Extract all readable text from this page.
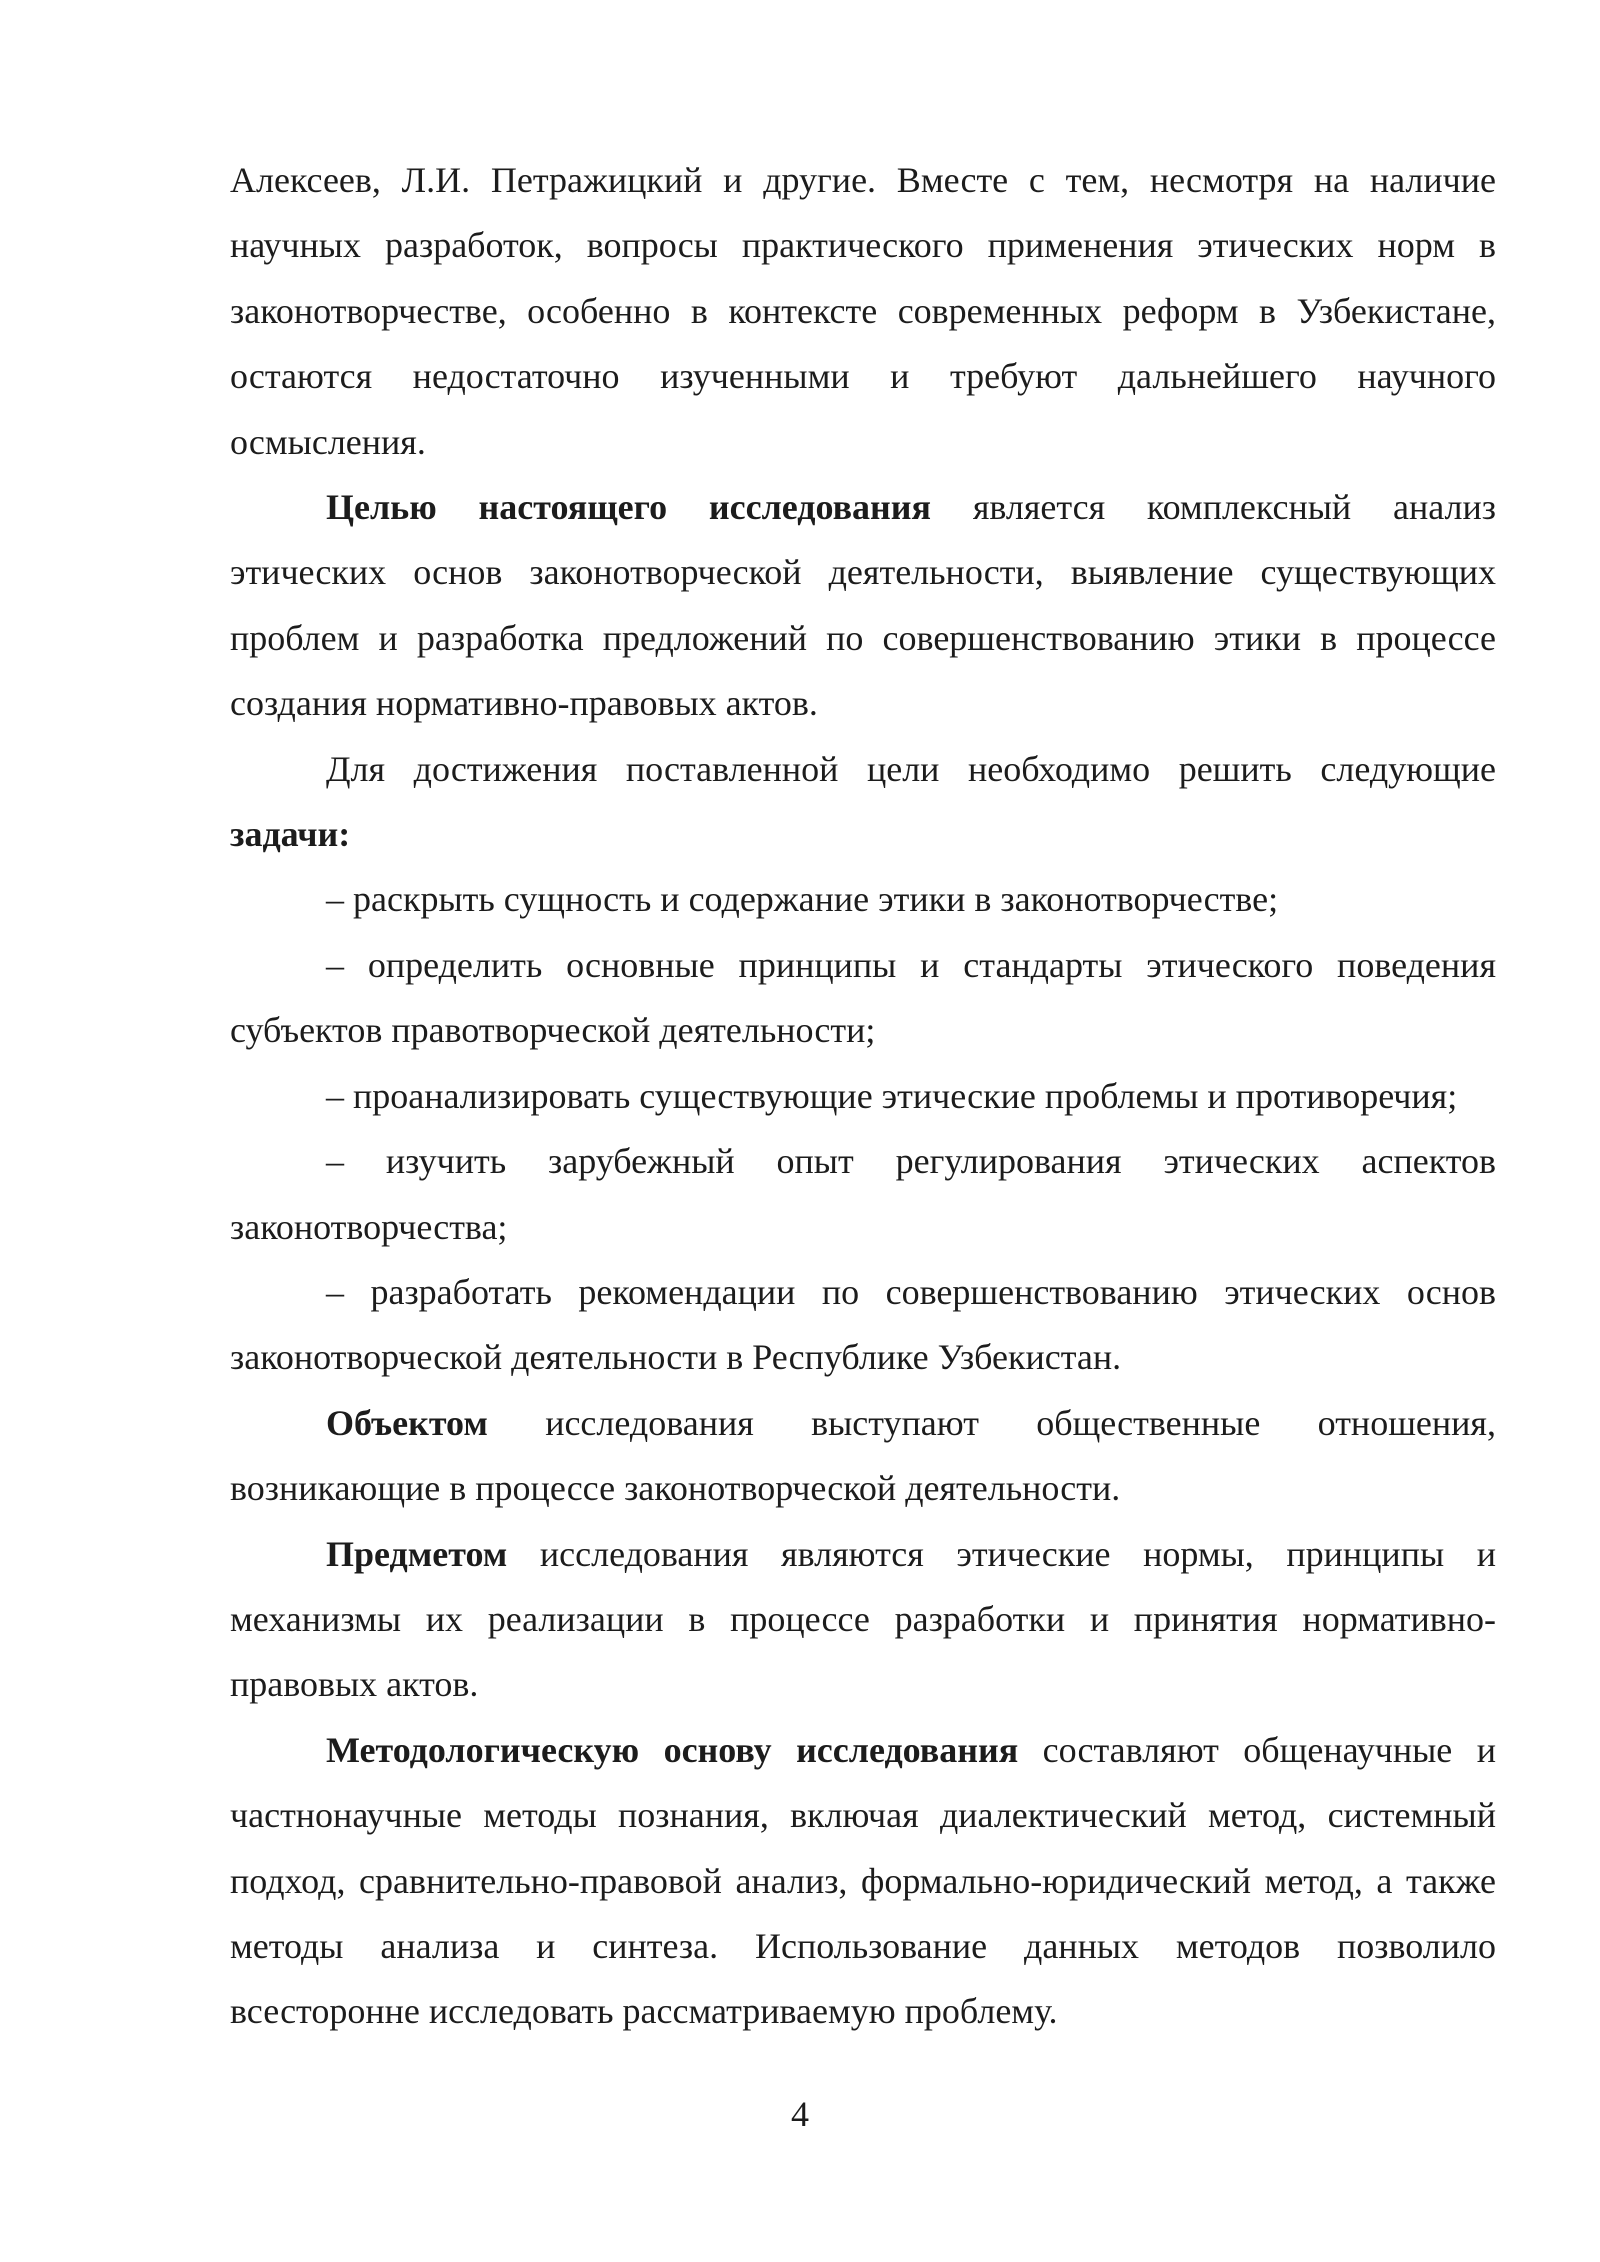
Алексеев, Л.И. Петражицкий и другие. Вместе с тем, несмотря на наличие научных разработок, вопросы практического применения этических норм в законотворчестве, особенно в контексте современных реформ в Узбекистане, остаются недостаточно изученными и требуют дальнейшего научного осмысления.

Целью настоящего исследования является комплексный анализ этических основ законотворческой деятельности, выявление существующих проблем и разработка предложений по совершенствованию этики в процессе создания нормативно-правовых актов.

Для достижения поставленной цели необходимо решить следующие задачи:

– раскрыть сущность и содержание этики в законотворчестве;

– определить основные принципы и стандарты этического поведения субъектов правотворческой деятельности;

– проанализировать существующие этические проблемы и противоречия;

– изучить зарубежный опыт регулирования этических аспектов законотворчества;

– разработать рекомендации по совершенствованию этических основ законотворческой деятельности в Республике Узбекистан.

Объектом исследования выступают общественные отношения, возникающие в процессе законотворческой деятельности.

Предметом исследования являются этические нормы, принципы и механизмы их реализации в процессе разработки и принятия нормативно-правовых актов.

Методологическую основу исследования составляют общенаучные и частнонаучные методы познания, включая диалектический метод, системный подход, сравнительно-правовой анализ, формально-юридический метод, а также методы анализа и синтеза. Использование данных методов позволило всесторонне исследовать рассматриваемую проблему.

4
